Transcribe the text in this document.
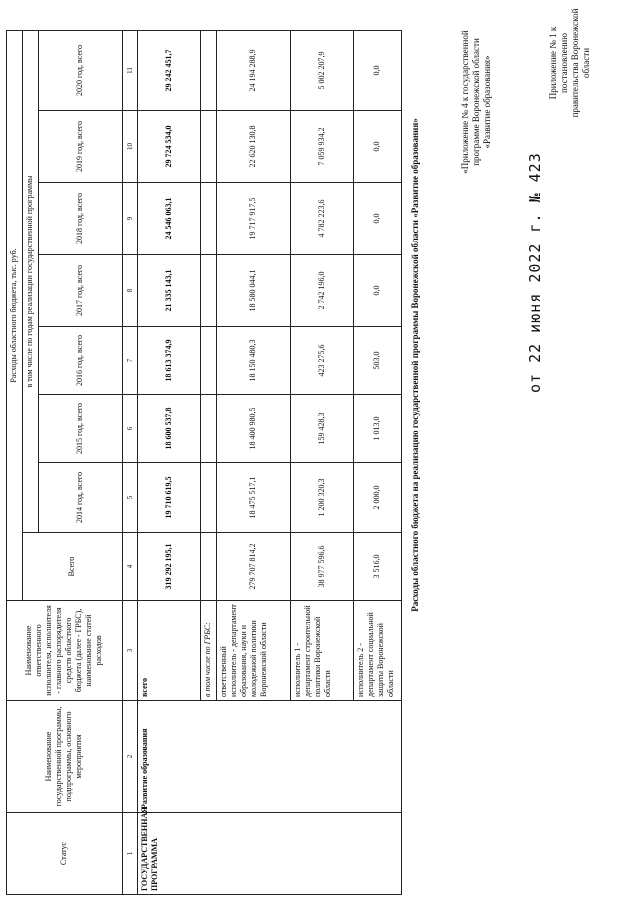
Приложение № 1 к постановлению правительства Воронежской области
от 22 июня 2022 г. № 423
«Приложение № 4 к государственной программе Воронежской области «Развитие образования»
Расходы областного бюджета на реализацию государственной программы Воронежской области «Развитие образования»
Статус	Наименование государственной программы, подпрограммы, основного мероприятия	Наименование ответственного исполнителя, исполнителя - главного распорядителя средств областного бюджета (далее - ГРБС), наименование статей расходов	Расходы областного бюджета, тыс. руб.							
			Всего	в том числе по годам реализации государственной программы						
				2014 год, всего	2015 год, всего	2016 год, всего	2017 год, всего	2018 год, всего	2019 год, всего	2020 год, всего
1	2	3	4	5	6	7	8	9	10	11
ГОСУДАРСТВЕННАЯ ПРОГРАММА	Развитие образования	всего	319 292 195,1	19 710 619,5	18 600 537,8	18 613 374,9	21 335 143,1	24 546 063,1	29 724 534,0	29 242 451,7
		в том числе по ГРБС:								
		ответственный исполнитель - департамент образования, науки и молодежной политики Воронежской области	279 707 814,2	18 475 517,1	18 400 980,5	18 150 480,3	18 580 044,1	19 717 917,5	22 620 130,8	24 194 288,9
		исполнитель 1 - департамент строительной политики Воронежской области	38 977 596,6	1 200 320,3	159 428,3	423 275,6	2 742 196,0	4 782 223,6	7 059 934,2	5 002 207,9
		исполнитель 2 - департамент социальной защиты Воронежской области	3 516,0	2 000,0	1 013,0	503,0	0,0	0,0	0,0	0,0
